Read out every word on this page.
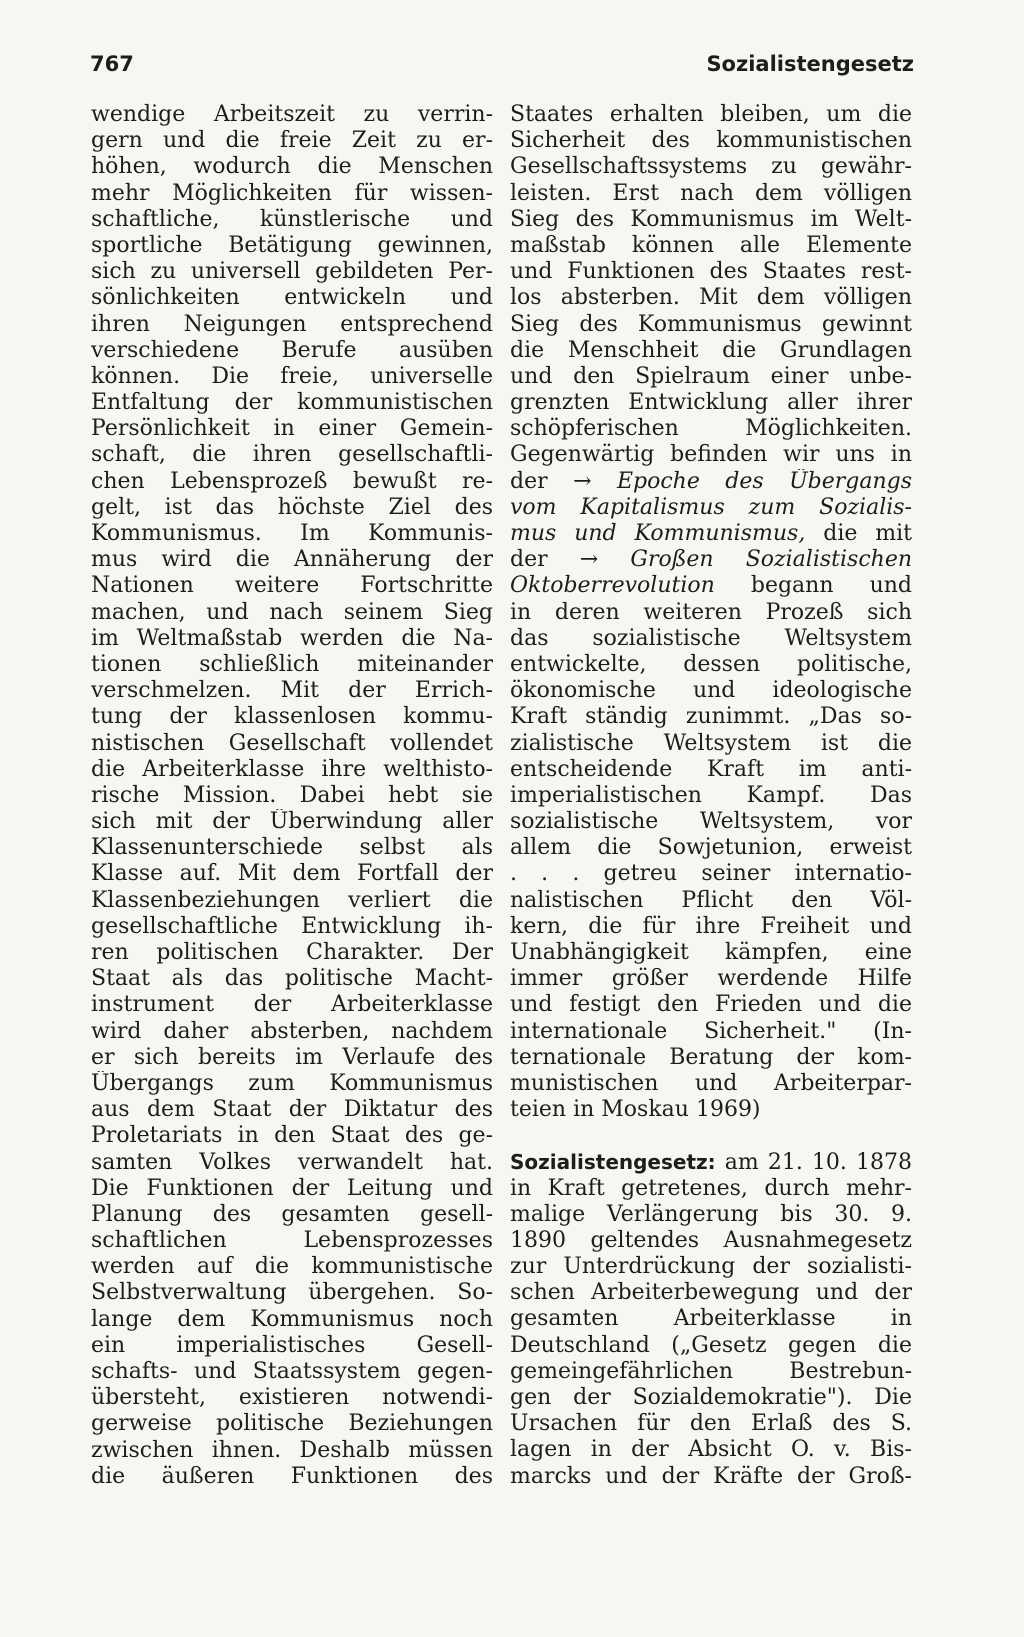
767	Sozialistengesetz
wendige Arbeitszeit zu verrin-
gern und die freie Zeit zu er-
höhen, wodurch die Menschen
mehr Möglichkeiten für wissen-
schaftliche, künstlerische und
sportliche Betätigung gewinnen,
sich zu universell gebildeten Per-
sönlichkeiten entwickeln und
ihren Neigungen entsprechend
verschiedene Berufe ausüben
können. Die freie, universelle
Entfaltung der kommunistischen
Persönlichkeit in einer Gemein-
schaft, die ihren gesellschaftli-
chen Lebensprozeß bewußt re-
gelt, ist das höchste Ziel des
Kommunismus. Im Kommunis-
mus wird die Annäherung der
Nationen weitere Fortschritte
machen, und nach seinem Sieg
im Weltmaßstab werden die Na-
tionen schließlich miteinander
verschmelzen. Mit der Errich-
tung der klassenlosen kommu-
nistischen Gesellschaft vollendet
die Arbeiterklasse ihre welthisto-
rische Mission. Dabei hebt sie
sich mit der Überwindung aller
Klassenunterschiede selbst als
Klasse auf. Mit dem Fortfall der
Klassenbeziehungen verliert die
gesellschaftliche Entwicklung ih-
ren politischen Charakter. Der
Staat als das politische Macht-
instrument der Arbeiterklasse
wird daher absterben, nachdem
er sich bereits im Verlaufe des
Übergangs zum Kommunismus
aus dem Staat der Diktatur des
Proletariats in den Staat des ge-
samten Volkes verwandelt hat.
Die Funktionen der Leitung und
Planung des gesamten gesell-
schaftlichen Lebensprozesses
werden auf die kommunistische
Selbstverwaltung übergehen. So-
lange dem Kommunismus noch
ein imperialistisches Gesell-
schafts- und Staatssystem gegen-
übersteht, existieren notwendi-
gerweise politische Beziehungen
zwischen ihnen. Deshalb müssen
die äußeren Funktionen des
Staates erhalten bleiben, um die
Sicherheit des kommunistischen
Gesellschaftssystems zu gewähr-
leisten. Erst nach dem völligen
Sieg des Kommunismus im Welt-
maßstab können alle Elemente
und Funktionen des Staates rest-
los absterben. Mit dem völligen
Sieg des Kommunismus gewinnt
die Menschheit die Grundlagen
und den Spielraum einer unbe-
grenzten Entwicklung aller ihrer
schöpferischen Möglichkeiten.
Gegenwärtig befinden wir uns in
der → Epoche des Übergangs
vom Kapitalismus zum Sozialis-
mus und Kommunismus, die mit
der → Großen Sozialistischen
Oktoberrevolution begann und
in deren weiteren Prozeß sich
das sozialistische Weltsystem
entwickelte, dessen politische,
ökonomische und ideologische
Kraft ständig zunimmt. „Das so-
zialistische Weltsystem ist die
entscheidende Kraft im anti-
imperialistischen Kampf. Das
sozialistische Weltsystem, vor
allem die Sowjetunion, erweist
. . . getreu seiner internatio-
nalistischen Pflicht den Völ-
kern, die für ihre Freiheit und
Unabhängigkeit kämpfen, eine
immer größer werdende Hilfe
und festigt den Frieden und die
internationale Sicherheit." (In-
ternationale Beratung der kom-
munistischen und Arbeiterpar-
teien in Moskau 1969)
Sozialistengesetz: am 21. 10. 1878
in Kraft getretenes, durch mehr-
malige Verlängerung bis 30. 9.
1890 geltendes Ausnahmegesetz
zur Unterdrückung der sozialisti-
schen Arbeiterbewegung und der
gesamten Arbeiterklasse in
Deutschland („Gesetz gegen die
gemeingefährlichen Bestrebun-
gen der Sozialdemokratie"). Die
Ursachen für den Erlaß des S.
lagen in der Absicht O. v. Bis-
marcks und der Kräfte der Groß-
